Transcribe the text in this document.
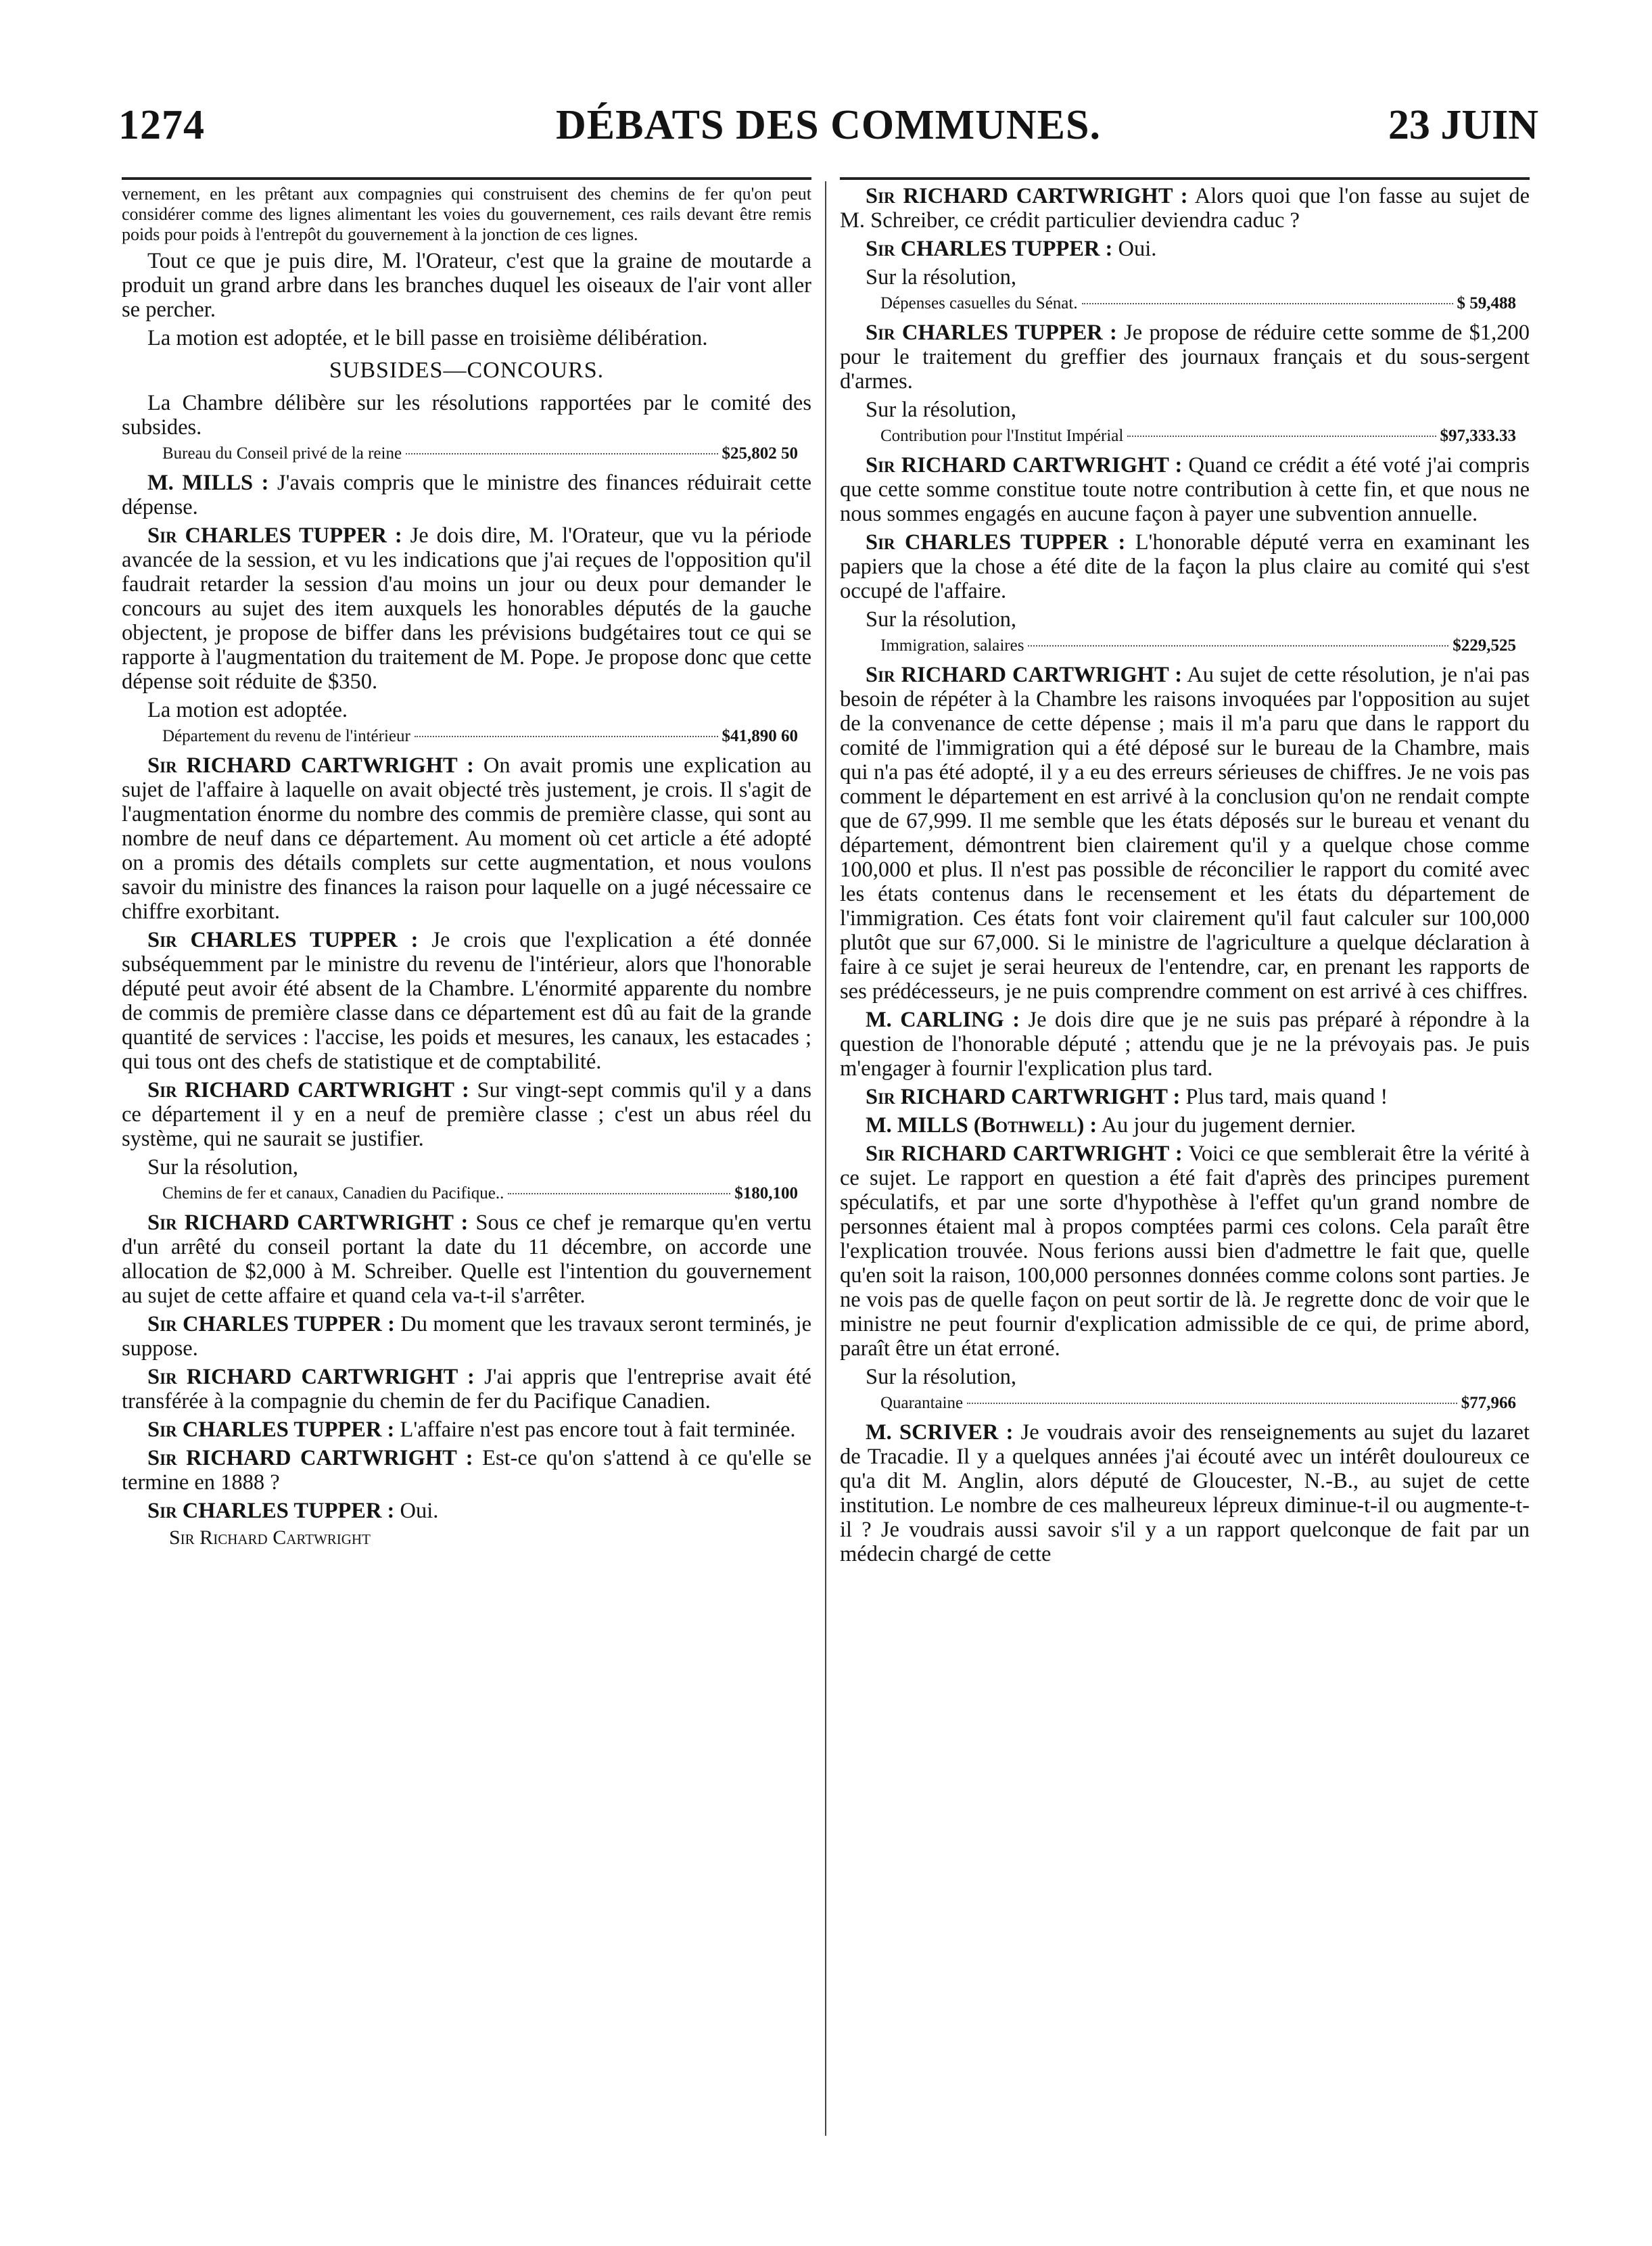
1274	DÉBATS DES COMMUNES.	23 JUIN

vernement, en les prêtant aux compagnies qui construisent des chemins de fer qu'on peut considérer comme des lignes alimentant les voies du gouvernement, ces rails devant être remis poids pour poids à l'entrepôt du gouvernement à la jonction de ces lignes.

Tout ce que je puis dire, M. l'Orateur, c'est que la graine de moutarde a produit un grand arbre dans les branches duquel les oiseaux de l'air vont aller se percher.

La motion est adoptée, et le bill passe en troisième délibération.

SUBSIDES—CONCOURS.

La Chambre délibère sur les résolutions rapportées par le comité des subsides.

Bureau du Conseil privé de la reine	$25,802 50

M. MILLS : J'avais compris que le ministre des finances réduirait cette dépense.

Sir CHARLES TUPPER : Je dois dire, M. l'Orateur, que vu la période avancée de la session, et vu les indications que j'ai reçues de l'opposition qu'il faudrait retarder la session d'au moins un jour ou deux pour demander le concours au sujet des item auxquels les honorables députés de la gauche objectent, je propose de biffer dans les prévisions budgétaires tout ce qui se rapporte à l'augmentation du traitement de M. Pope. Je propose donc que cette dépense soit réduite de $350.

La motion est adoptée.

Département du revenu de l'intérieur	$41,890 60

Sir RICHARD CARTWRIGHT : On avait promis une explication au sujet de l'affaire à laquelle on avait objecté très justement, je crois. Il s'agit de l'augmentation énorme du nombre des commis de première classe, qui sont au nombre de neuf dans ce département. Au moment où cet article a été adopté on a promis des détails complets sur cette augmentation, et nous voulons savoir du ministre des finances la raison pour laquelle on a jugé nécessaire ce chiffre exorbitant.

Sir CHARLES TUPPER : Je crois que l'explication a été donnée subséquemment par le ministre du revenu de l'intérieur, alors que l'honorable député peut avoir été absent de la Chambre. L'énormité apparente du nombre de commis de première classe dans ce département est dû au fait de la grande quantité de services : l'accise, les poids et mesures, les canaux, les estacades ; qui tous ont des chefs de statistique et de comptabilité.

Sir RICHARD CARTWRIGHT : Sur vingt-sept commis qu'il y a dans ce département il y en a neuf de première classe ; c'est un abus réel du système, qui ne saurait se justifier.

Sur la résolution,

Chemins de fer et canaux, Canadien du Pacifique..	$180,100

Sir RICHARD CARTWRIGHT : Sous ce chef je remarque qu'en vertu d'un arrêté du conseil portant la date du 11 décembre, on accorde une allocation de $2,000 à M. Schreiber. Quelle est l'intention du gouvernement au sujet de cette affaire et quand cela va-t-il s'arrêter.

Sir CHARLES TUPPER : Du moment que les travaux seront terminés, je suppose.

Sir RICHARD CARTWRIGHT : J'ai appris que l'entreprise avait été transférée à la compagnie du chemin de fer du Pacifique Canadien.

Sir CHARLES TUPPER : L'affaire n'est pas encore tout à fait terminée.

Sir RICHARD CARTWRIGHT : Est-ce qu'on s'attend à ce qu'elle se termine en 1888 ?

Sir CHARLES TUPPER : Oui.

Sir Richard Cartwright

Sir RICHARD CARTWRIGHT : Alors quoi que l'on fasse au sujet de M. Schreiber, ce crédit particulier deviendra caduc ?

Sir CHARLES TUPPER : Oui.

Sur la résolution,

Dépenses casuelles du Sénat.	$ 59,488

Sir CHARLES TUPPER : Je propose de réduire cette somme de $1,200 pour le traitement du greffier des journaux français et du sous-sergent d'armes.

Sur la résolution,

Contribution pour l'Institut Impérial	$97,333.33

Sir RICHARD CARTWRIGHT : Quand ce crédit a été voté j'ai compris que cette somme constitue toute notre contribution à cette fin, et que nous ne nous sommes engagés en aucune façon à payer une subvention annuelle.

Sir CHARLES TUPPER : L'honorable député verra en examinant les papiers que la chose a été dite de la façon la plus claire au comité qui s'est occupé de l'affaire.

Sur la résolution,

Immigration, salaires	$229,525

Sir RICHARD CARTWRIGHT : Au sujet de cette résolution, je n'ai pas besoin de répéter à la Chambre les raisons invoquées par l'opposition au sujet de la convenance de cette dépense ; mais il m'a paru que dans le rapport du comité de l'immigration qui a été déposé sur le bureau de la Chambre, mais qui n'a pas été adopté, il y a eu des erreurs sérieuses de chiffres. Je ne vois pas comment le département en est arrivé à la conclusion qu'on ne rendait compte que de 67,999. Il me semble que les états déposés sur le bureau et venant du département, démontrent bien clairement qu'il y a quelque chose comme 100,000 et plus. Il n'est pas possible de réconcilier le rapport du comité avec les états contenus dans le recensement et les états du département de l'immigration. Ces états font voir clairement qu'il faut calculer sur 100,000 plutôt que sur 67,000. Si le ministre de l'agriculture a quelque déclaration à faire à ce sujet je serai heureux de l'entendre, car, en prenant les rapports de ses prédécesseurs, je ne puis comprendre comment on est arrivé à ces chiffres.

M. CARLING : Je dois dire que je ne suis pas préparé à répondre à la question de l'honorable député ; attendu que je ne la prévoyais pas. Je puis m'engager à fournir l'explication plus tard.

Sir RICHARD CARTWRIGHT : Plus tard, mais quand !

M. MILLS (Bothwell) : Au jour du jugement dernier.

Sir RICHARD CARTWRIGHT : Voici ce que semblerait être la vérité à ce sujet. Le rapport en question a été fait d'après des principes purement spéculatifs, et par une sorte d'hypothèse à l'effet qu'un grand nombre de personnes étaient mal à propos comptées parmi ces colons. Cela paraît être l'explication trouvée. Nous ferions aussi bien d'admettre le fait que, quelle qu'en soit la raison, 100,000 personnes données comme colons sont parties. Je ne vois pas de quelle façon on peut sortir de là. Je regrette donc de voir que le ministre ne peut fournir d'explication admissible de ce qui, de prime abord, paraît être un état erroné.

Sur la résolution,

Quarantaine	$77,966

M. SCRIVER : Je voudrais avoir des renseignements au sujet du lazaret de Tracadie. Il y a quelques années j'ai écouté avec un intérêt douloureux ce qu'a dit M. Anglin, alors député de Gloucester, N.-B., au sujet de cette institution. Le nombre de ces malheureux lépreux diminue-t-il ou augmente-t-il ? Je voudrais aussi savoir s'il y a un rapport quelconque de fait par un médecin chargé de cette
